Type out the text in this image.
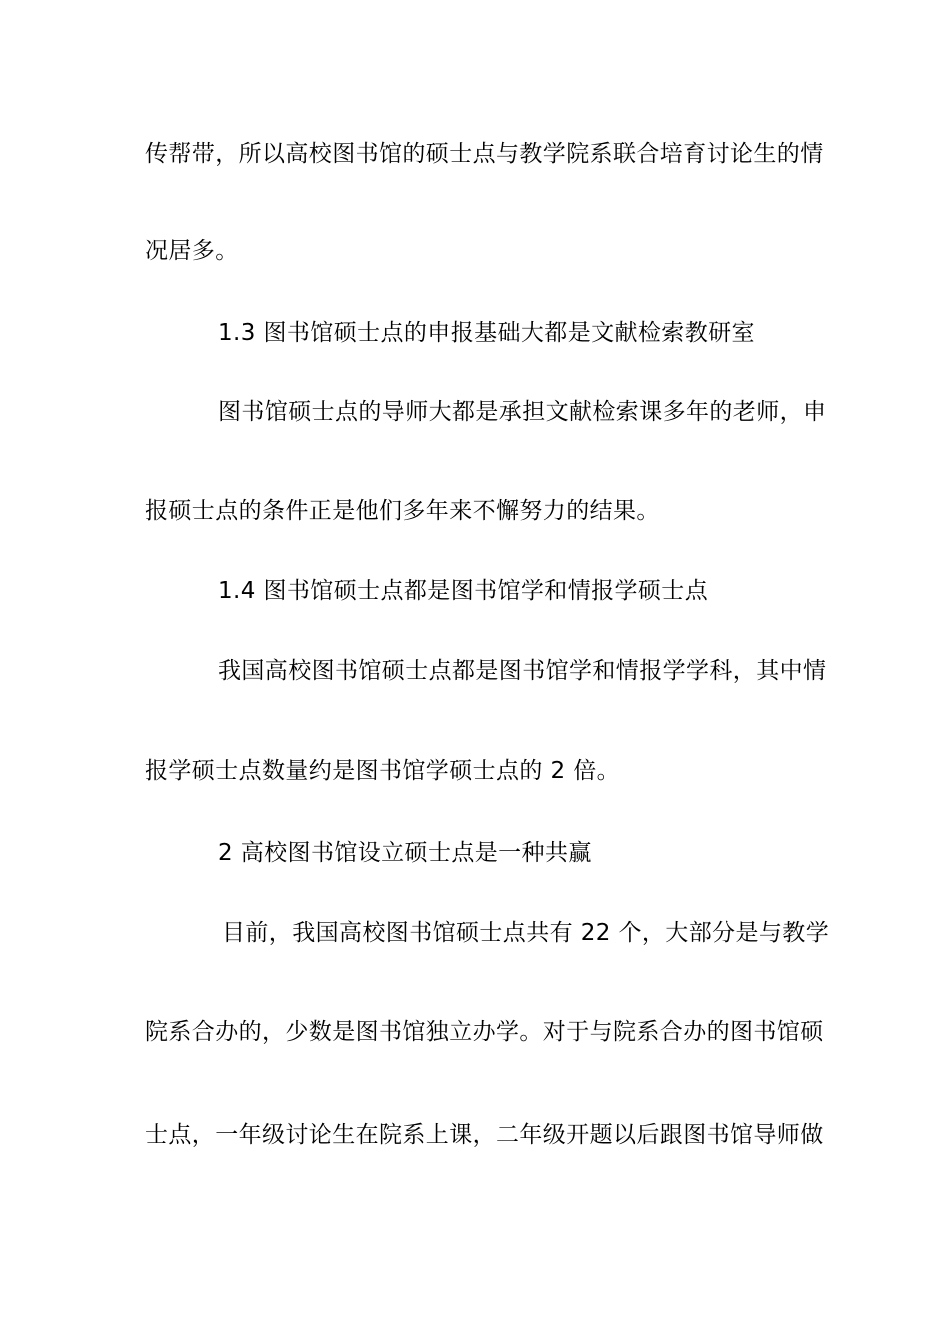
传帮带，所以高校图书馆的硕士点与教学院系联合培育讨论生的情
况居多。
1.3 图书馆硕士点的申报基础大都是文献检索教研室
图书馆硕士点的导师大都是承担文献检索课多年的老师，申
报硕士点的条件正是他们多年来不懈努力的结果。
1.4 图书馆硕士点都是图书馆学和情报学硕士点
我国高校图书馆硕士点都是图书馆学和情报学学科，其中情
报学硕士点数量约是图书馆学硕士点的 2 倍。
2 高校图书馆设立硕士点是一种共赢
目前，我国高校图书馆硕士点共有 22 个，大部分是与教学
院系合办的，少数是图书馆独立办学。对于与院系合办的图书馆硕
士点，一年级讨论生在院系上课，二年级开题以后跟图书馆导师做
